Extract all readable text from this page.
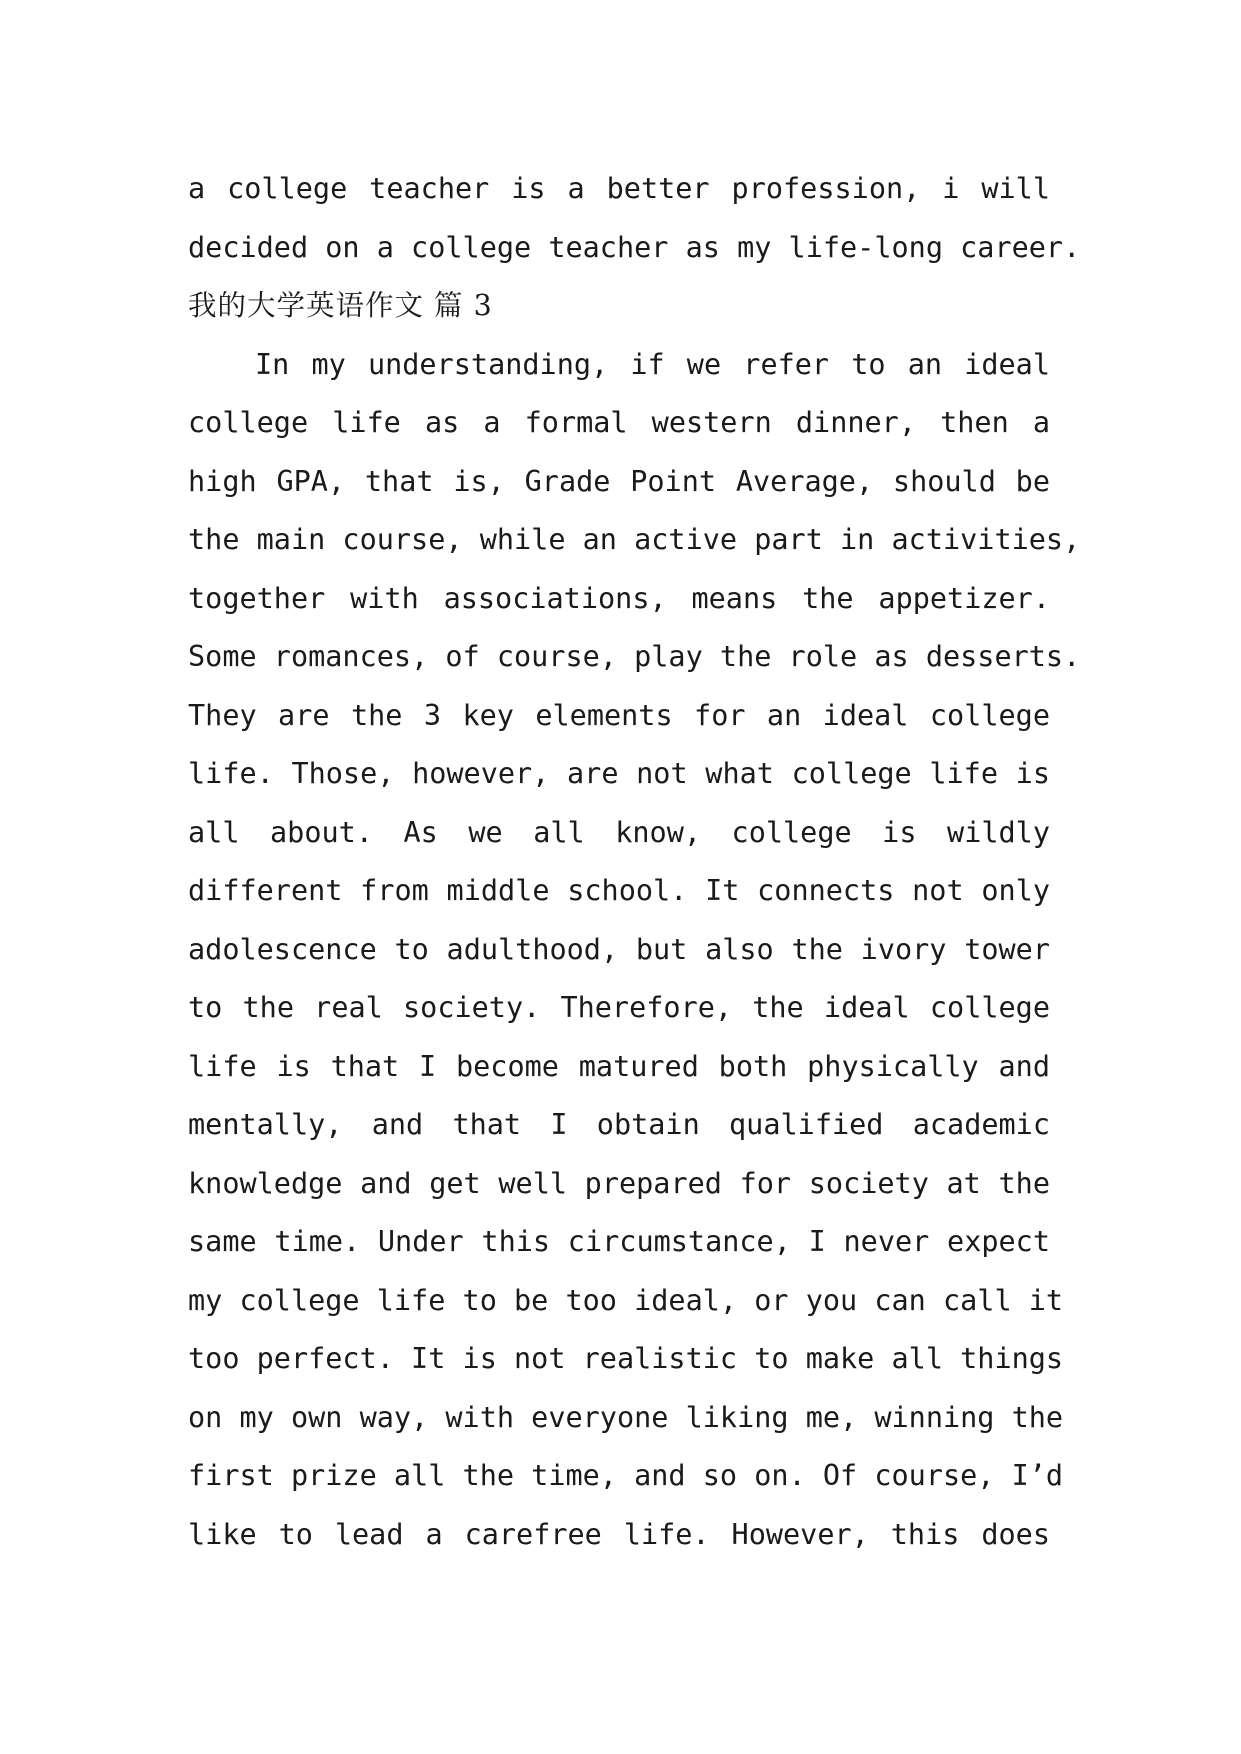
a college teacher is a better profession, i will
decided on a college teacher as my life-long career.
我的大学英语作文 篇 3
　　In my understanding, if we refer to an ideal
college life as a formal western dinner, then a
high GPA, that is, Grade Point Average, should be
the main course, while an active part in activities,
together with associations, means the appetizer.
Some romances, of course, play the role as desserts.
They are the 3 key elements for an ideal college
life. Those, however, are not what college life is
all about. As we all know, college is wildly
different from middle school. It connects not only
adolescence to adulthood, but also the ivory tower
to the real society. Therefore, the ideal college
life is that I become matured both physically and
mentally, and that I obtain qualified academic
knowledge and get well prepared for society at the
same time. Under this circumstance, I never expect
my college life to be too ideal, or you can call it
too perfect. It is not realistic to make all things
on my own way, with everyone liking me, winning the
first prize all the time, and so on. Of course, I’d
like to lead a carefree life. However, this does
